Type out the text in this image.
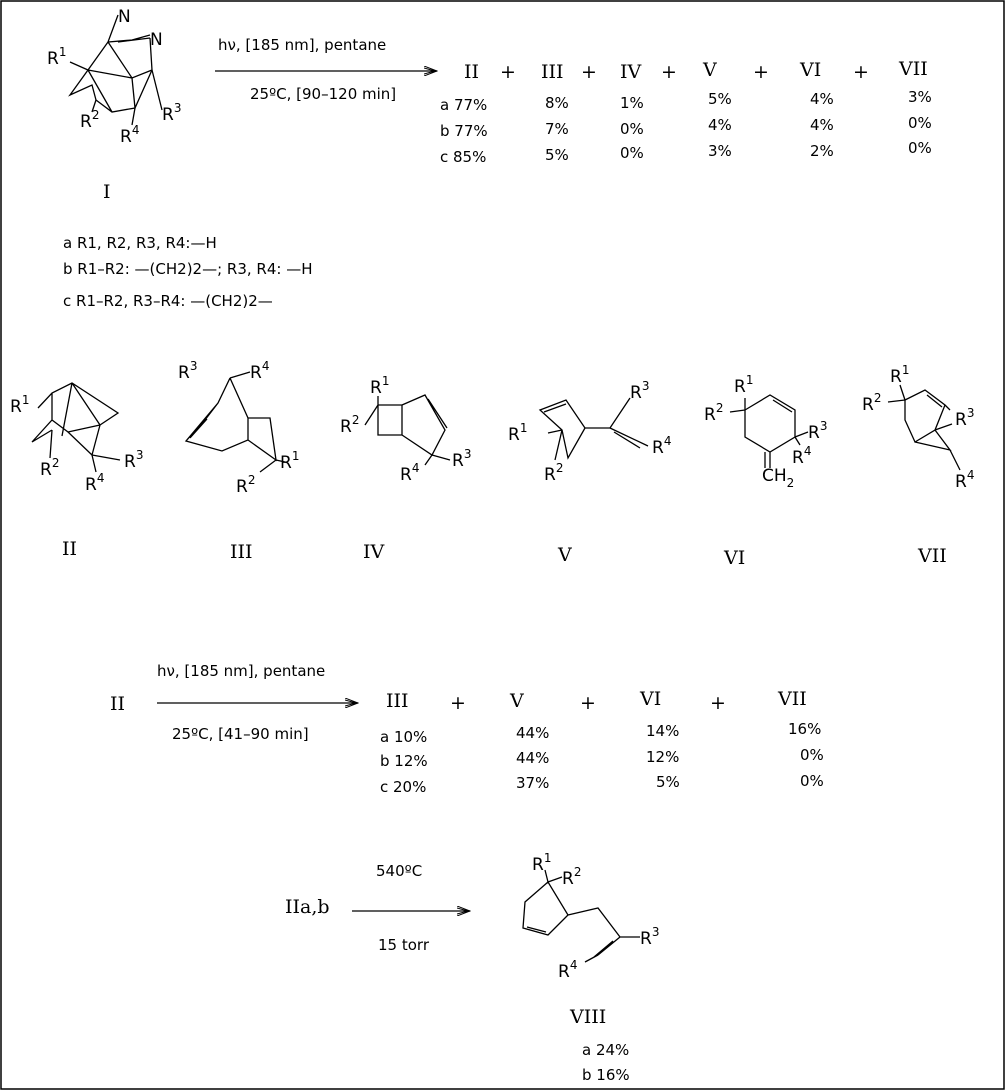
N
N
$R^1$
$R^2$	$R^3$
$R^4$
I
hν, [185 nm], pentane
25ºC, [90–120 min]
II	III	IV	V	VI	VII
+	+	+	+	+
a 77%	8%	1%	5%	4%	3%
b 77%	7%	0%	4%	4%	0%
c 85%	5%	0%	3%	2%	0%
a R1, R2, R3, R4:—H
b R1–R2: —(CH2)2—; R3, R4: —H
c R1–R2, R3–R4: —(CH2)2—
$R^1$
$R^2$	$R^3$
$R^4$
$R^3$	$R^4$
$R^1$
$R^2$
$R^1$
$R^2$
$R^3$
$R^4$
$R^3$
$R^4$
$R^1$
$R^2$
$R^1$
$R^2$
$R^3$
$R^4$
$CH_2$
$R^1$
$R^2$
$R^3$
$R^4$
II	III	IV	V	VI	VII
II
hν, [185 nm], pentane
25ºC, [41–90 min]
III	V	VI	VII
+	+	+
a 10%	44%	14%	16%
b 12%	44%	12%	0%
c 20%	37%	5%	0%
IIa,b
540ºC
15 torr
$R^1$
$R^2$
$R^3$
$R^4$
VIII
a 24%
b 16%
